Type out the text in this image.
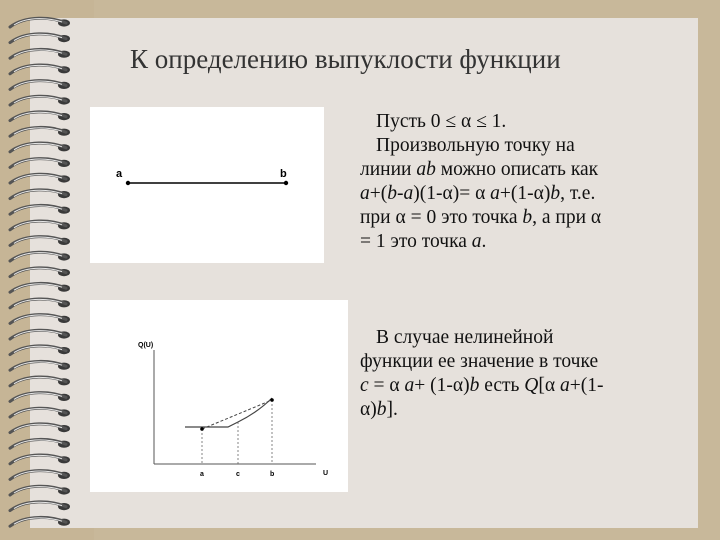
К определению выпуклости функции
a	b
Q(U)
U
a	c	b

Пусть 0 ≤ α ≤ 1.

Произвольную точку на

линии ab можно описать как

a+(b-a)(1-α)= α a+(1-α)b, т.е.

при α = 0 это точка b, а при α

= 1 это точка a.

В случае нелинейной

функции ее значение в точке

c = α a+ (1-α)b есть Q[α a+(1-

α)b].
